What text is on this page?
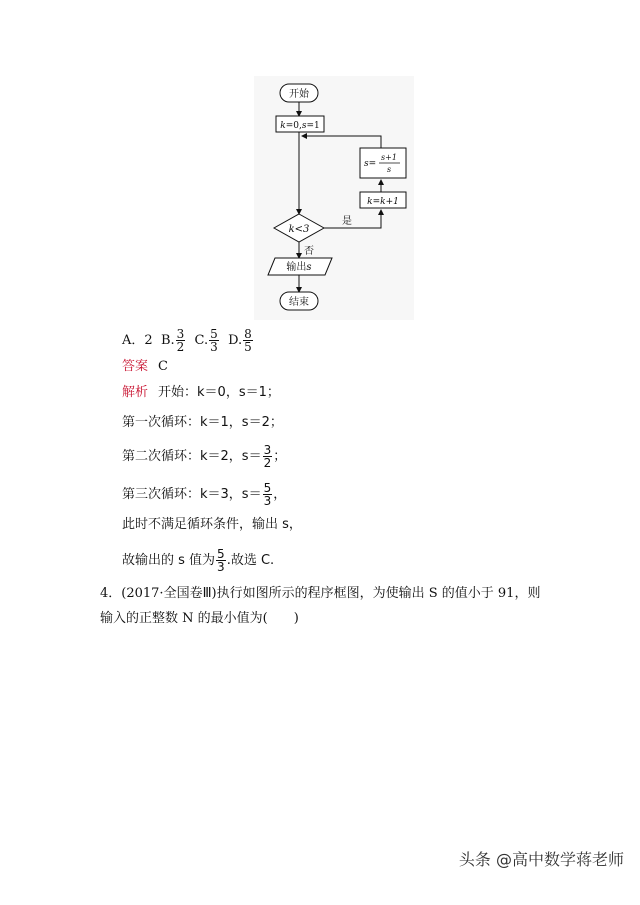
开始
k=0,s=1
s=
s+1
s
k=k+1
k<3
是
否
输出s
结束
A．2 B. $\frac{3}{2} C$. $\frac{5}{3} D$. $\frac{8}{5}$
答案 C
解析 开始：k＝0，s＝1；
第一次循环：k＝1，s＝2；
第二次循环：k＝2，$s= \frac{3}{2}$ ；
第三次循环：k＝3，$s= \frac{5}{3}$ ，
此时不满足循环条件，输出 s，
故输出的 s 值为 $\frac{5}{3}$ .故选 C.
4．(2017·全国卷Ⅲ)执行如图所示的程序框图，为使输出 S 的值小于 91，则
输入的正整数 N 的最小值为(　　)
头条 @高中数学蒋老师
